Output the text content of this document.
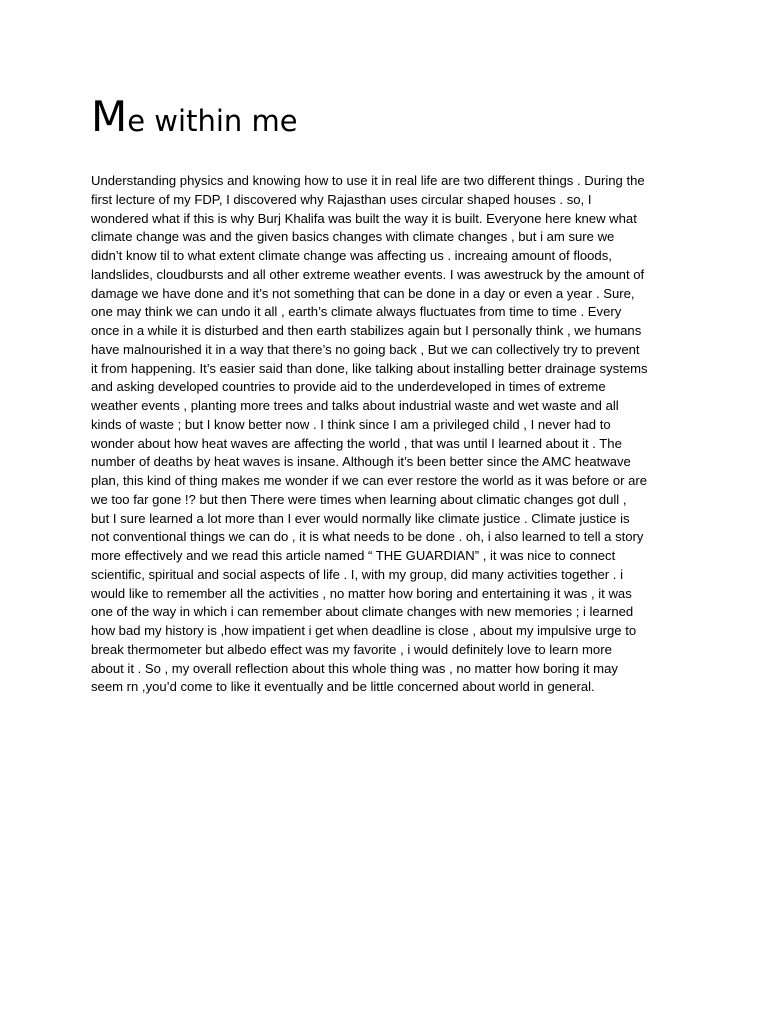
Me within me
Understanding physics and knowing how to use it in real life are two different things . During the
first lecture of my FDP, I discovered why Rajasthan uses circular shaped houses . so, I
wondered what if this is why Burj Khalifa was built the way it is built. Everyone here knew what
climate change was and the given basics changes with climate changes , but i am sure we
didn’t know til to what extent climate change was affecting us . increaing amount of floods,
landslides, cloudbursts and all other extreme weather events. I was awestruck by the amount of
damage we have done and it’s not something that can be done in a day or even a year . Sure,
one may think we can undo it all , earth’s climate always fluctuates from time to time . Every
once in a while it is disturbed and then earth stabilizes again but I personally think , we humans
have malnourished it in a way that there’s no going back , But we can collectively try to prevent
it from happening. It’s easier said than done, like talking about installing better drainage systems
and asking developed countries to provide aid to the underdeveloped in times of extreme
weather events , planting more trees and talks about industrial waste and wet waste and all
kinds of waste ; but I know better now . I think since I am a privileged child , I never had to
wonder about how heat waves are affecting the world , that was until I learned about it . The
number of deaths by heat waves is insane. Although it’s been better since the AMC heatwave
plan, this kind of thing makes me wonder if we can ever restore the world as it was before or are
we too far gone !? but then There were times when learning about climatic changes got dull ,
but I sure learned a lot more than I ever would normally like climate justice . Climate justice is
not conventional things we can do , it is what needs to be done . oh, i also learned to tell a story
more effectively and we read this article named “ THE GUARDIAN” , it was nice to connect
scientific, spiritual and social aspects of life . I, with my group, did many activities together . i
would like to remember all the activities , no matter how boring and entertaining it was , it was
one of the way in which i can remember about climate changes with new memories ; i learned
how bad my history is ,how impatient i get when deadline is close , about my impulsive urge to
break thermometer but albedo effect was my favorite , i would definitely love to learn more
about it . So , my overall reflection about this whole thing was , no matter how boring it may
seem rn ,you’d come to like it eventually and be little concerned about world in general.
